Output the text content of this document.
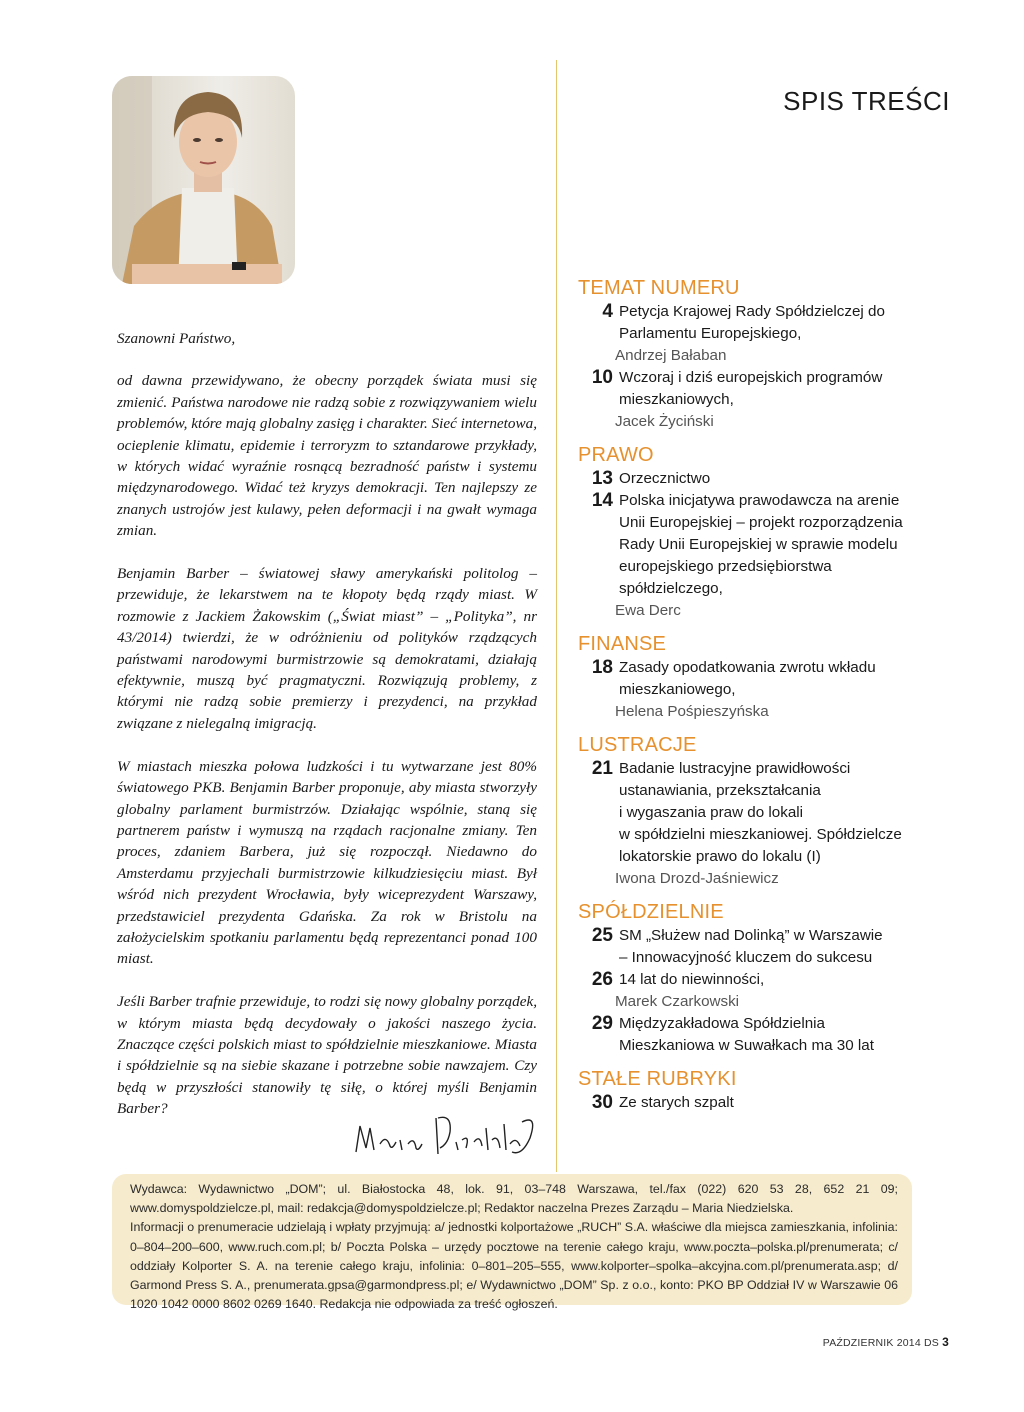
SPIS TREŚCI

Szanowni Państwo,

od dawna przewidywano, że obecny porządek świata musi się zmienić. Państwa narodowe nie radzą sobie z rozwiązywaniem wielu problemów, które mają globalny zasięg i charakter. Sieć internetowa, ocieplenie klimatu, epidemie i terroryzm to sztandarowe przykłady, w których widać wyraźnie rosnącą bezradność państw i systemu międzynarodowego. Widać też kryzys demokracji. Ten najlepszy ze znanych ustrojów jest kulawy, pełen deformacji i na gwałt wymaga zmian.

Benjamin Barber – światowej sławy amerykański politolog – przewiduje, że lekarstwem na te kłopoty będą rządy miast. W rozmowie z Jackiem Żakowskim („Świat miast” – „Polityka”, nr 43/2014) twierdzi, że w odróżnieniu od polityków rządzących państwami narodowymi burmistrzowie są demokratami, działają efektywnie, muszą być pragmatyczni. Rozwiązują problemy, z którymi nie radzą sobie premierzy i prezydenci, na przykład związane z nielegalną imigracją.

W miastach mieszka połowa ludzkości i tu wytwarzane jest 80% światowego PKB. Benjamin Barber proponuje, aby miasta stworzyły globalny parlament burmistrzów. Działając wspólnie, staną się partnerem państw i wymuszą na rządach racjonalne zmiany. Ten proces, zdaniem Barbera, już się rozpoczął. Niedawno do Amsterdamu przyjechali burmistrzowie kilkudziesięciu miast. Był wśród nich prezydent Wrocławia, były wiceprezydent Warszawy, przedstawiciel prezydenta Gdańska. Za rok w Bristolu na założycielskim spotkaniu parlamentu będą reprezentanci ponad 100 miast.

Jeśli Barber trafnie przewiduje, to rodzi się nowy globalny porządek, w którym miasta będą decydowały o jakości naszego życia. Znaczące części polskich miast to spółdzielnie mieszkaniowe. Miasta i spółdzielnie są na siebie skazane i potrzebne sobie nawzajem. Czy będą w przyszłości stanowiły tę siłę, o której myśli Benjamin Barber?

TEMAT NUMERU
4 Petycja Krajowej Rady Spółdzielczej do
Parlamentu Europejskiego,
Andrzej Bałaban
10 Wczoraj i dziś europejskich programów
mieszkaniowych,
Jacek Życiński
PRAWO
13 Orzecznictwo
14 Polska inicjatywa prawodawcza na arenie
Unii Europejskiej – projekt rozporządzenia
Rady Unii Europejskiej w sprawie modelu
europejskiego przedsiębiorstwa
spółdzielczego,
Ewa Derc
FINANSE
18 Zasady opodatkowania zwrotu wkładu
mieszkaniowego,
Helena Pośpieszyńska
LUSTRACJE
21 Badanie lustracyjne prawidłowości
ustanawiania, przekształcania
i wygaszania praw do lokali
w spółdzielni mieszkaniowej. Spółdzielcze
lokatorskie prawo do lokalu (I)
Iwona Drozd-Jaśniewicz
SPÓŁDZIELNIE
25 SM „Służew nad Dolinką” w Warszawie
– Innowacyjność kluczem do sukcesu
26 14 lat do niewinności,
Marek Czarkowski
29 Międzyzakładowa Spółdzielnia
Mieszkaniowa w Suwałkach ma 30 lat
STAŁE RUBRYKI
30 Ze starych szpalt

Wydawca: Wydawnictwo „DOM”; ul. Białostocka 48, lok. 91, 03–748 Warszawa, tel./fax (022) 620 53 28, 652 21 09; www.domyspoldzielcze.pl, mail: redakcja@domyspoldzielcze.pl; Redaktor naczelna Prezes Zarządu – Maria Niedzielska.

Informacji o prenumeracie udzielają i wpłaty przyjmują: a/ jednostki kolportażowe „RUCH” S.A. właściwe dla miejsca zamieszkania, infolinia: 0–804–200–600, www.ruch.com.pl; b/ Poczta Polska – urzędy pocztowe na terenie całego kraju, www.poczta–polska.pl/prenumerata; c/ oddziały Kolporter S. A. na terenie całego kraju, infolinia: 0–801–205–555, www.kolporter–spolka–akcyjna.com.pl/prenumerata.asp; d/ Garmond Press S. A., prenumerata.gpsa@garmondpress.pl; e/ Wydawnictwo „DOM” Sp. z o.o., konto: PKO BP Oddział IV w Warszawie 06 1020 1042 0000 8602 0269 1640. Redakcja nie odpowiada za treść ogłoszeń.

PAŹDZIERNIK 2014 DS 3
